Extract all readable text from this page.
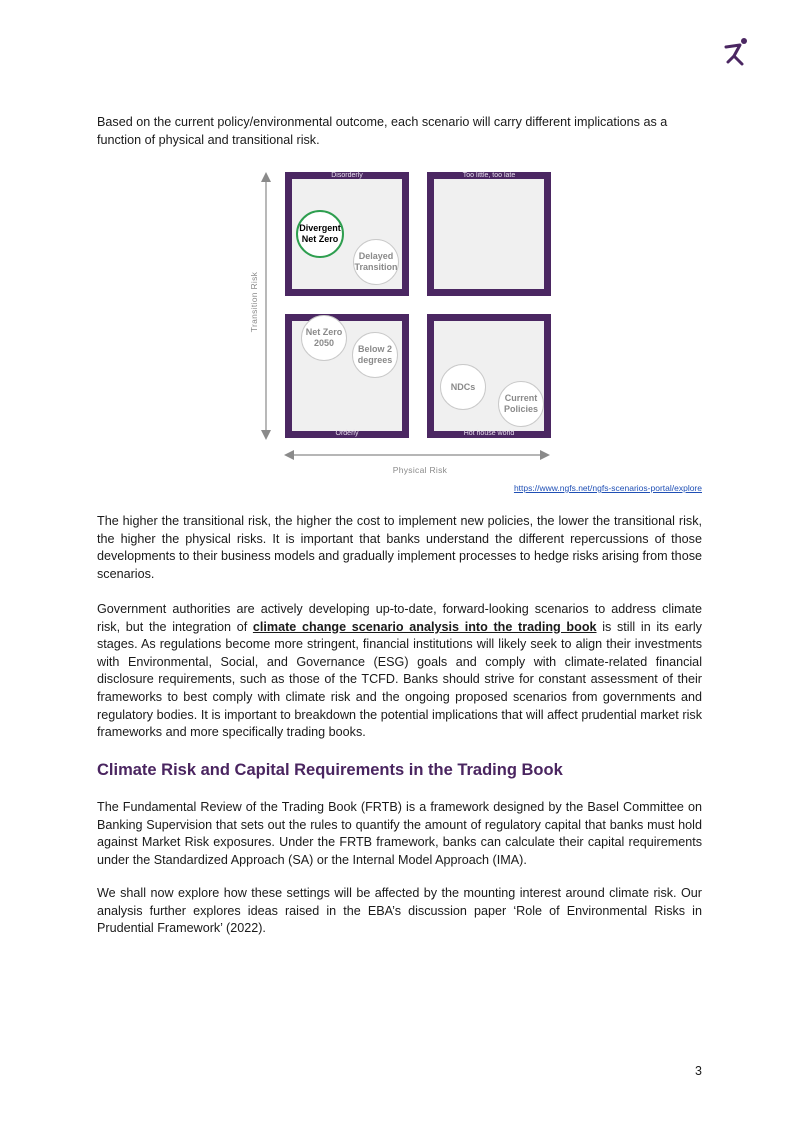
Based on the current policy/environmental outcome, each scenario will carry different implications as a function of physical and transitional risk.

Disorderly	Too little, too late
Orderly	Hot house world
Divergent Net Zero
Delayed Transition
Net Zero 2050
Below 2 degrees
NDCs
Current Policies
Transition Risk
Physical Risk
https://www.ngfs.net/ngfs-scenarios-portal/explore

The higher the transitional risk, the higher the cost to implement new policies, the lower the transitional risk, the higher the physical risks. It is important that banks understand the different repercussions of those developments to their business models and gradually implement processes to hedge risks arising from those scenarios.

Government authorities are actively developing up-to-date, forward-looking scenarios to address climate risk, but the integration of climate change scenario analysis into the trading book is still in its early stages. As regulations become more stringent, financial institutions will likely seek to align their investments with Environmental, Social, and Governance (ESG) goals and comply with climate-related financial disclosure requirements, such as those of the TCFD. Banks should strive for constant assessment of their frameworks to best comply with climate risk and the ongoing proposed scenarios from governments and regulatory bodies. It is important to breakdown the potential implications that will affect prudential market risk frameworks and more specifically trading books.

Climate Risk and Capital Requirements in the Trading Book

The Fundamental Review of the Trading Book (FRTB) is a framework designed by the Basel Committee on Banking Supervision that sets out the rules to quantify the amount of regulatory capital that banks must hold against Market Risk exposures. Under the FRTB framework, banks can calculate their capital requirements under the Standardized Approach (SA) or the Internal Model Approach (IMA).

We shall now explore how these settings will be affected by the mounting interest around climate risk. Our analysis further explores ideas raised in the EBA’s discussion paper ‘Role of Environmental Risks in Prudential Framework’ (2022).

3
